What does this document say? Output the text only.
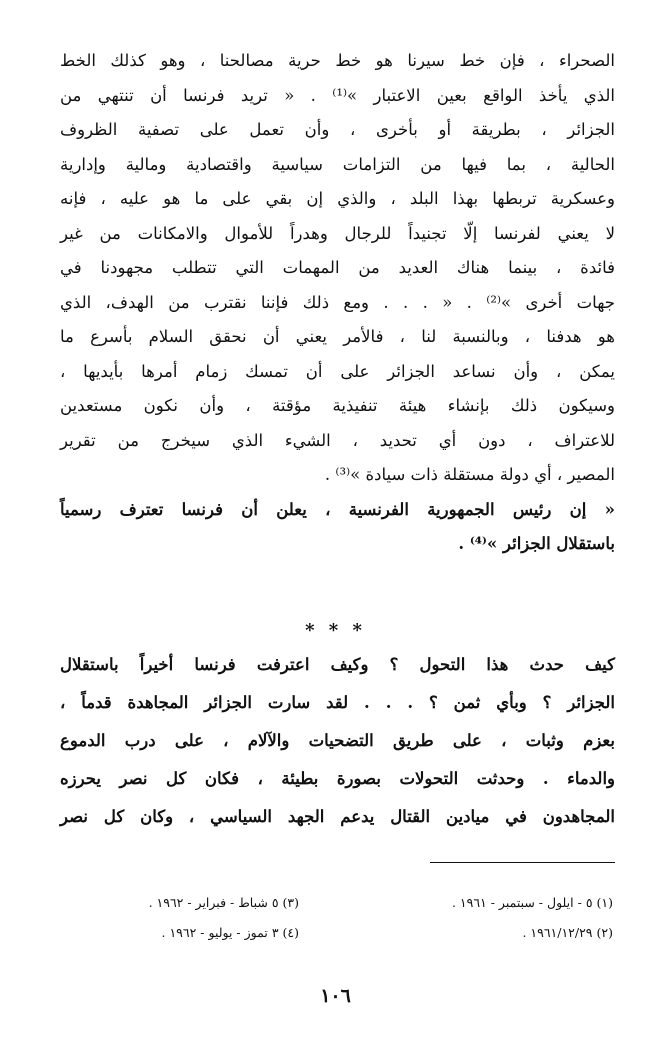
الصحراء ، فإن خط سيرنا هو خط حرية مصالحنا ، وهو كذلك الخط
الذي يأخذ الواقع بعين الاعتبار »⁽¹⁾ . « تريد فرنسا أن تنتهي من
الجزائر ، بطريقة أو بأخرى ، وأن تعمل على تصفية الظروف
الحالية ، بما فيها من التزامات سياسية واقتصادية ومالية وإدارية
وعسكرية تربطها بهذا البلد ، والذي إن بقي على ما هو عليه ، فإنه
لا يعني لفرنسا إلّا تجنيداً للرجال وهدراً للأموال والامكانات من غير
فائدة ، بينما هناك العديد من المهمات التي تتطلب مجهودنا في
جهات أخرى »⁽²⁾ . « . . . ومع ذلك فإننا نقترب من الهدف، الذي
هو هدفنا ، وبالنسبة لنا ، فالأمر يعني أن نحقق السلام بأسرع ما
يمكن ، وأن نساعد الجزائر على أن تمسك زمام أمرها بأيديها ،
وسيكون ذلك بإنشاء هيئة تنفيذية مؤقتة ، وأن نكون مستعدين
للاعتراف ، دون أي تحديد ، الشيء الذي سيخرج من تقرير
المصير ، أي دولة مستقلة ذات سيادة »⁽³⁾ .
« إن رئيس الجمهورية الفرنسية ، يعلن أن فرنسا تعترف رسمياً
باستقلال الجزائر »⁽⁴⁾ .
* * *
كيف حدث هذا التحول ؟ وكيف اعترفت فرنسا أخيراً باستقلال
الجزائر ؟ وبأي ثمن ؟ . . . لقد سارت الجزائر المجاهدة قدماً ،
بعزم وثبات ، على طريق التضحيات والآلام ، على درب الدموع
والدماء . وحدثت التحولات بصورة بطيئة ، فكان كل نصر يحرزه
المجاهدون في ميادين القتال يدعم الجهد السياسي ، وكان كل نصر
(١) ٥ - ايلول - سبتمبر - ١٩٦١ .
(٢) ١٩٦١/١٢/٢٩ .
(٣) ٥ شباط - فبراير - ١٩٦٢ .
(٤) ٣ تموز - يوليو - ١٩٦٢ .
١٠٦
